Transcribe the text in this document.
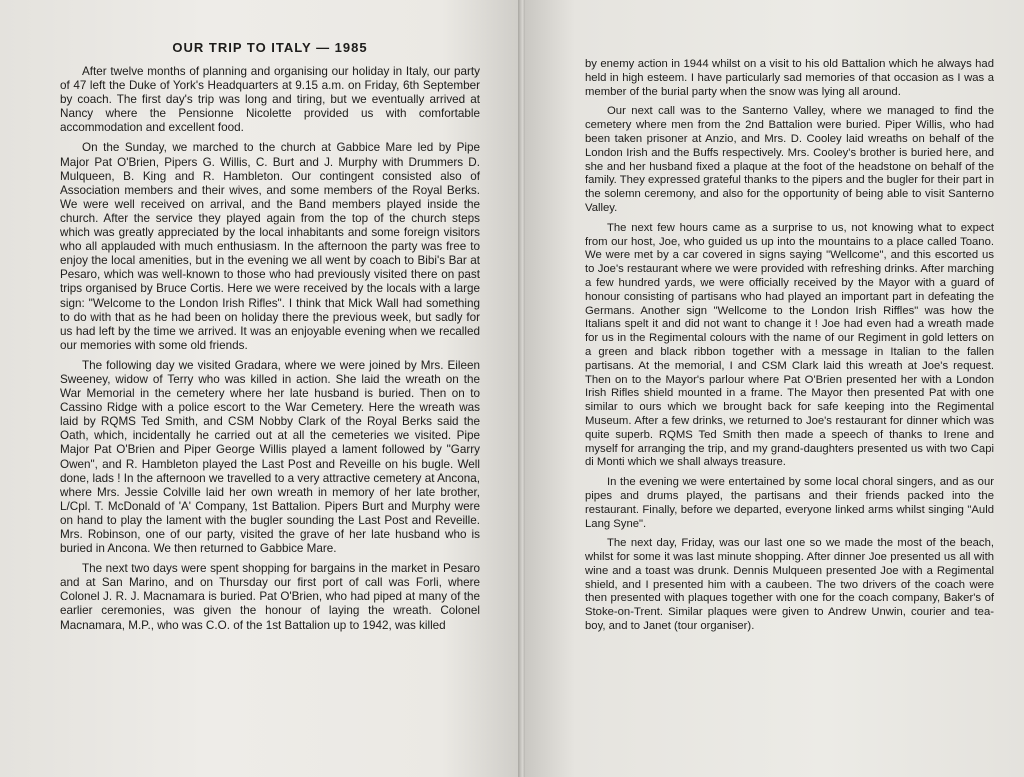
OUR TRIP TO ITALY — 1985

After twelve months of planning and organising our holiday in Italy, our party of 47 left the Duke of York's Headquarters at 9.15 a.m. on Friday, 6th September by coach. The first day's trip was long and tiring, but we eventually arrived at Nancy where the Pensionne Nicolette provided us with comfortable accommodation and excellent food.

On the Sunday, we marched to the church at Gabbice Mare led by Pipe Major Pat O'Brien, Pipers G. Willis, C. Burt and J. Murphy with Drummers D. Mulqueen, B. King and R. Hambleton. Our contingent consisted also of Association members and their wives, and some members of the Royal Berks. We were well received on arrival, and the Band members played inside the church. After the service they played again from the top of the church steps which was greatly appreciated by the local inhabitants and some foreign visitors who all applauded with much enthusiasm. In the afternoon the party was free to enjoy the local amenities, but in the evening we all went by coach to Bibi's Bar at Pesaro, which was well-known to those who had previously visited there on past trips organised by Bruce Cortis. Here we were received by the locals with a large sign: "Welcome to the London Irish Rifles". I think that Mick Wall had something to do with that as he had been on holiday there the previous week, but sadly for us had left by the time we arrived. It was an enjoyable evening when we recalled our memories with some old friends.

The following day we visited Gradara, where we were joined by Mrs. Eileen Sweeney, widow of Terry who was killed in action. She laid the wreath on the War Memorial in the cemetery where her late husband is buried. Then on to Cassino Ridge with a police escort to the War Cemetery. Here the wreath was laid by RQMS Ted Smith, and CSM Nobby Clark of the Royal Berks said the Oath, which, incidentally he carried out at all the cemeteries we visited. Pipe Major Pat O'Brien and Piper George Willis played a lament followed by "Garry Owen", and R. Hambleton played the Last Post and Reveille on his bugle. Well done, lads ! In the afternoon we travelled to a very attractive cemetery at Ancona, where Mrs. Jessie Colville laid her own wreath in memory of her late brother, L/Cpl. T. McDonald of 'A' Company, 1st Battalion. Pipers Burt and Murphy were on hand to play the lament with the bugler sounding the Last Post and Reveille. Mrs. Robinson, one of our party, visited the grave of her late husband who is buried in Ancona. We then returned to Gabbice Mare.

The next two days were spent shopping for bargains in the market in Pesaro and at San Marino, and on Thursday our first port of call was Forli, where Colonel J. R. J. Macnamara is buried. Pat O'Brien, who had piped at many of the earlier ceremonies, was given the honour of laying the wreath. Colonel Macnamara, M.P., who was C.O. of the 1st Battalion up to 1942, was killed

by enemy action in 1944 whilst on a visit to his old Battalion which he always had held in high esteem. I have particularly sad memories of that occasion as I was a member of the burial party when the snow was lying all around.

Our next call was to the Santerno Valley, where we managed to find the cemetery where men from the 2nd Battalion were buried. Piper Willis, who had been taken prisoner at Anzio, and Mrs. D. Cooley laid wreaths on behalf of the London Irish and the Buffs respectively. Mrs. Cooley's brother is buried here, and she and her husband fixed a plaque at the foot of the headstone on behalf of the family. They expressed grateful thanks to the pipers and the bugler for their part in the solemn ceremony, and also for the opportunity of being able to visit Santerno Valley.

The next few hours came as a surprise to us, not knowing what to expect from our host, Joe, who guided us up into the mountains to a place called Toano. We were met by a car covered in signs saying "Wellcome", and this escorted us to Joe's restaurant where we were provided with refreshing drinks. After marching a few hundred yards, we were officially received by the Mayor with a guard of honour consisting of partisans who had played an important part in defeating the Germans. Another sign "Wellcome to the London Irish Riffles" was how the Italians spelt it and did not want to change it ! Joe had even had a wreath made for us in the Regimental colours with the name of our Regiment in gold letters on a green and black ribbon together with a message in Italian to the fallen partisans. At the memorial, I and CSM Clark laid this wreath at Joe's request. Then on to the Mayor's parlour where Pat O'Brien presented her with a London Irish Rifles shield mounted in a frame. The Mayor then presented Pat with one similar to ours which we brought back for safe keeping into the Regimental Museum. After a few drinks, we returned to Joe's restaurant for dinner which was quite superb. RQMS Ted Smith then made a speech of thanks to Irene and myself for arranging the trip, and my grand-daughters presented us with two Capi di Monti which we shall always treasure.

In the evening we were entertained by some local choral singers, and as our pipes and drums played, the partisans and their friends packed into the restaurant. Finally, before we departed, everyone linked arms whilst singing "Auld Lang Syne".

The next day, Friday, was our last one so we made the most of the beach, whilst for some it was last minute shopping. After dinner Joe presented us all with wine and a toast was drunk. Dennis Mulqueen presented Joe with a Regimental shield, and I presented him with a caubeen. The two drivers of the coach were then presented with plaques together with one for the coach company, Baker's of Stoke-on-Trent. Similar plaques were given to Andrew Unwin, courier and tea-boy, and to Janet (tour organiser).
